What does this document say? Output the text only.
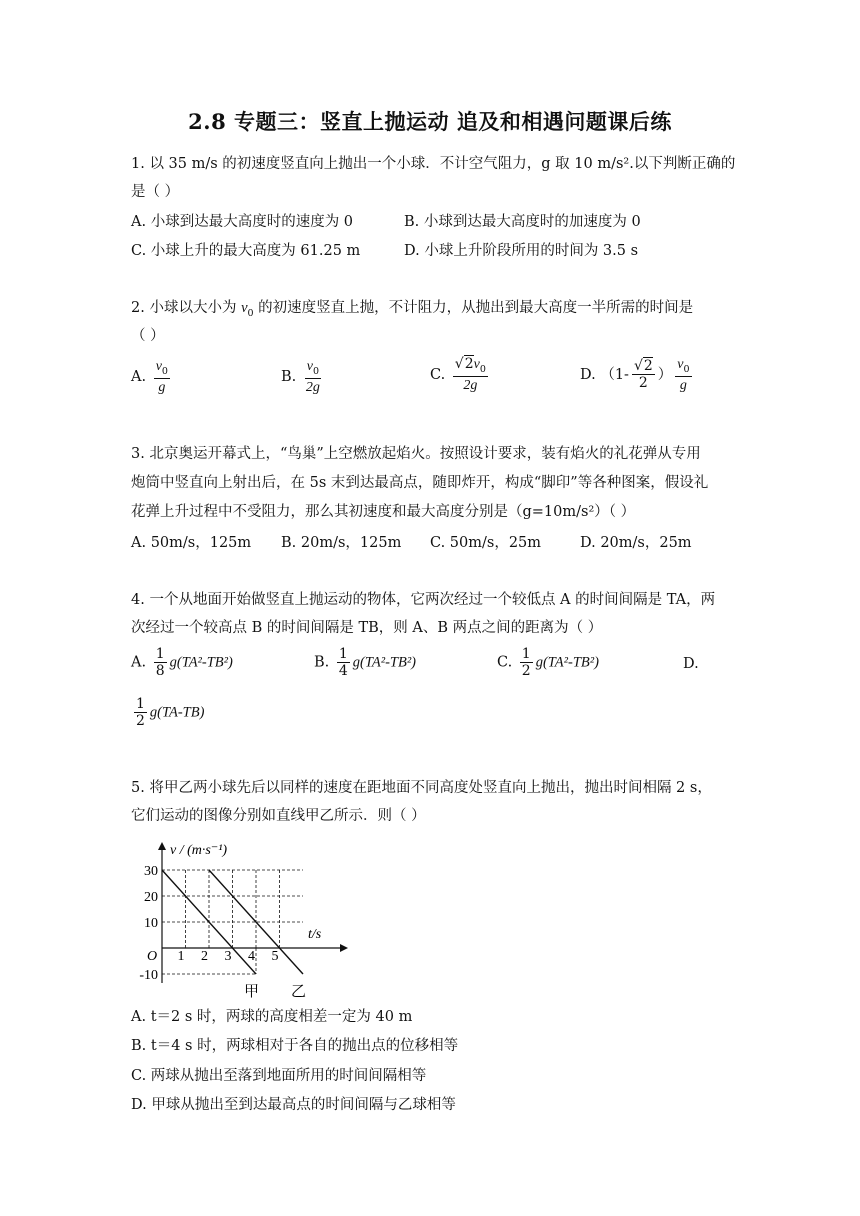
2.8 专题三：竖直上抛运动 追及和相遇问题课后练
1. 以 35 m/s 的初速度竖直向上抛出一个小球．不计空气阻力，g 取 10 m/s².以下判断正确的
是（ ）
A. 小球到达最大高度时的速度为 0	B. 小球到达最大高度时的加速度为 0
C. 小球上升的最大高度为 61.25 m	D. 小球上升阶段所用的时间为 3.5 s
2. 小球以大小为 $v_0$ 的初速度竖直上抛，不计阻力，从抛出到最大高度一半所需的时间是
（ ）
A. $\frac{v_0}{g}$	B. $\frac{v_0}{2g}$	C. $\frac{√2v_0}{2g}$	D. （$1- \frac{√2}{2}$ ） $\frac{v_0}{g}$
3. 北京奥运开幕式上，“鸟巢”上空燃放起焰火。按照设计要求，装有焰火的礼花弹从专用
炮筒中竖直向上射出后，在 5s 末到达最高点，随即炸开，构成“脚印”等各种图案，假设礼
花弹上升过程中不受阻力，那么其初速度和最大高度分别是（g=10m/s²）（ ）
A. 50m/s，125m B. 20m/s，125m C. 50m/s，25m	D. 20m/s，25m
4. 一个从地面开始做竖直上抛运动的物体，它两次经过一个较低点 A 的时间间隔是 TA，两
次经过一个较高点 B 的时间间隔是 TB，则 A、B 两点之间的距离为（ ）
A. $\frac{1}{8} g(TA^2-TB^2)$	B. $\frac{1}{4} g(TA^2-TB^2)$	C. $\frac{1}{2} g(TA^2-TB^2)$	D.
$\frac{1}{2} g(TA-TB)$
5. 将甲乙两小球先后以同样的速度在距地面不同高度处竖直向上抛出，抛出时间相隔 2 s，
它们运动的图像分别如直线甲乙所示．则（ ）
v / (m·s⁻¹)
t/s
O 1 2 3 4 5
30
20
10
-10
甲 乙
A. t＝2 s 时，两球的高度相差一定为 40 m
B. t＝4 s 时，两球相对于各自的抛出点的位移相等
C. 两球从抛出至落到地面所用的时间间隔相等
D. 甲球从抛出至到达最高点的时间间隔与乙球相等
